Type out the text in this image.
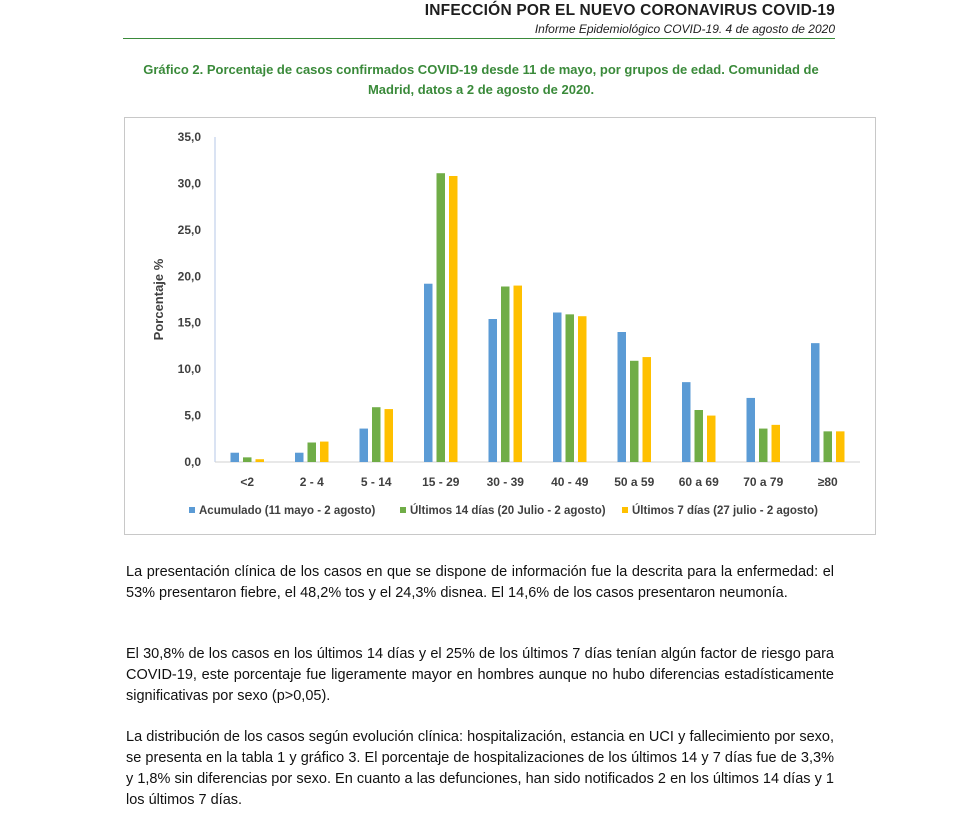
INFECCIÓN POR EL NUEVO CORONAVIRUS COVID-19
Informe Epidemiológico COVID-19. 4 de agosto de 2020
Gráfico 2. Porcentaje de casos confirmados COVID-19 desde 11 de mayo, por grupos de edad. Comunidad de Madrid, datos a 2 de agosto de 2020.
0,0
5,0
10,0
15,0
20,0
25,0
30,0
35,0
Porcentaje %
<2	2 - 4	5 - 14	15 - 29 30 - 39 40 - 49 50 a 59 60 a 69 70 a 79	≥80
Acumulado (11 mayo - 2 agosto)	Últimos 14 días (20 Julio - 2 agosto) Últimos 7 días (27 julio - 2 agosto)
La presentación clínica de los casos en que se dispone de información fue la descrita para la enfermedad: el 53% presentaron fiebre, el 48,2% tos y el 24,3% disnea. El 14,6% de los casos presentaron neumonía.
El 30,8% de los casos en los últimos 14 días y el 25% de los últimos 7 días tenían algún factor de riesgo para COVID-19, este porcentaje fue ligeramente mayor en hombres aunque no hubo diferencias estadísticamente significativas por sexo (p>0,05).
La distribución de los casos según evolución clínica: hospitalización, estancia en UCI y fallecimiento por sexo, se presenta en la tabla 1 y gráfico 3. El porcentaje de hospitalizaciones de los últimos 14 y 7 días fue de 3,3% y 1,8% sin diferencias por sexo. En cuanto a las defunciones, han sido notificados 2 en los últimos 14 días y 1 los últimos 7 días.
